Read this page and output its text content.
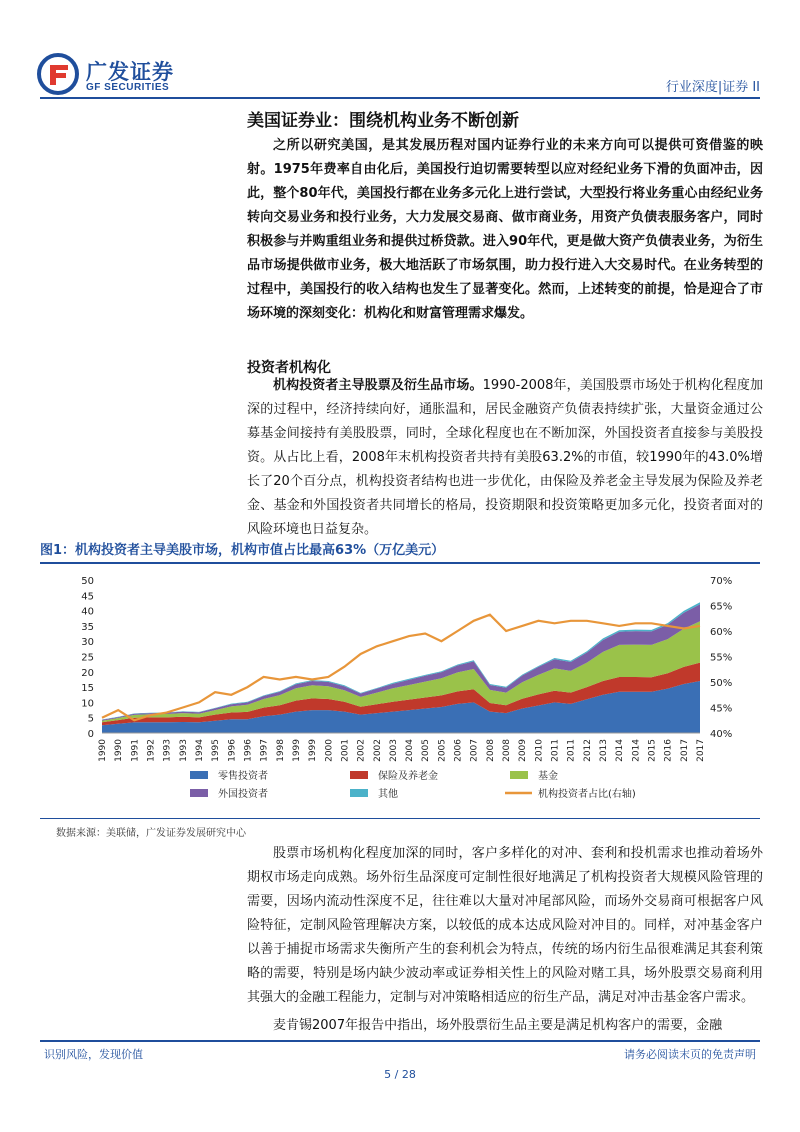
广发证券
GF SECURITIES	行业深度|证券 II
美国证券业：围绕机构业务不断创新

之所以研究美国，是其发展历程对国内证券行业的未来方向可以提供可资借鉴的映射。1975年费率自由化后，美国投行迫切需要转型以应对经纪业务下滑的负面冲击，因此，整个80年代，美国投行都在业务多元化上进行尝试，大型投行将业务重心由经纪业务转向交易业务和投行业务，大力发展交易商、做市商业务，用资产负债表服务客户，同时积极参与并购重组业务和提供过桥贷款。进入90年代，更是做大资产负债表业务，为衍生品市场提供做市业务，极大地活跃了市场氛围，助力投行进入大交易时代。在业务转型的过程中，美国投行的收入结构也发生了显著变化。然而，上述转变的前提，恰是迎合了市场环境的深刻变化：机构化和财富管理需求爆发。

投资者机构化

机构投资者主导股票及衍生品市场。1990-2008年，美国股票市场处于机构化程度加深的过程中，经济持续向好，通胀温和，居民金融资产负债表持续扩张，大量资金通过公募基金间接持有美股股票，同时，全球化程度也在不断加深，外国投资者直接参与美股投资。从占比上看，2008年末机构投资者共持有美股63.2%的市值，较1990年的43.0%增长了20个百分点，机构投资者结构也进一步优化，由保险及养老金主导发展为保险及养老金、基金和外国投资者共同增长的格局，投资期限和投资策略更加多元化，投资者面对的风险环境也日益复杂。

图1：机构投资者主导美股市场，机构市值占比最高63%（万亿美元）
0
5
10
15
20
25
30
35
40
45
50
40%
45%
50%
55%
60%
65%
70%
1990 1990 1991 1992 1993 1993 1994 1995 1996 1996 1997 1998 1999 1999 2000 2001 2002 2002 2003 2004 2005 2005 2006 2007 2008 2008 2009 2010 2011 2011 2012 2013 2014 2014 2015 2016 2017 2017
零售投资者	保险及养老金	基金
外国投资者	其他	机构投资者占比(右轴)
数据来源：美联储，广发证券发展研究中心

股票市场机构化程度加深的同时，客户多样化的对冲、套利和投机需求也推动着场外期权市场走向成熟。场外衍生品深度可定制性很好地满足了机构投资者大规模风险管理的需要，因场内流动性深度不足，往往难以大量对冲尾部风险，而场外交易商可根据客户风险特征，定制风险管理解决方案，以较低的成本达成风险对冲目的。同样，对冲基金客户以善于捕捉市场需求失衡所产生的套利机会为特点，传统的场内衍生品很难满足其套利策略的需要，特别是场内缺少波动率或证券相关性上的风险对赌工具，场外股票交易商利用其强大的金融工程能力，定制与对冲策略相适应的衍生产品，满足对冲击基金客户需求。

麦肯锡2007年报告中指出，场外股票衍生品主要是满足机构客户的需要，金融

识别风险，发现价值	请务必阅读末页的免责声明
5 / 28
